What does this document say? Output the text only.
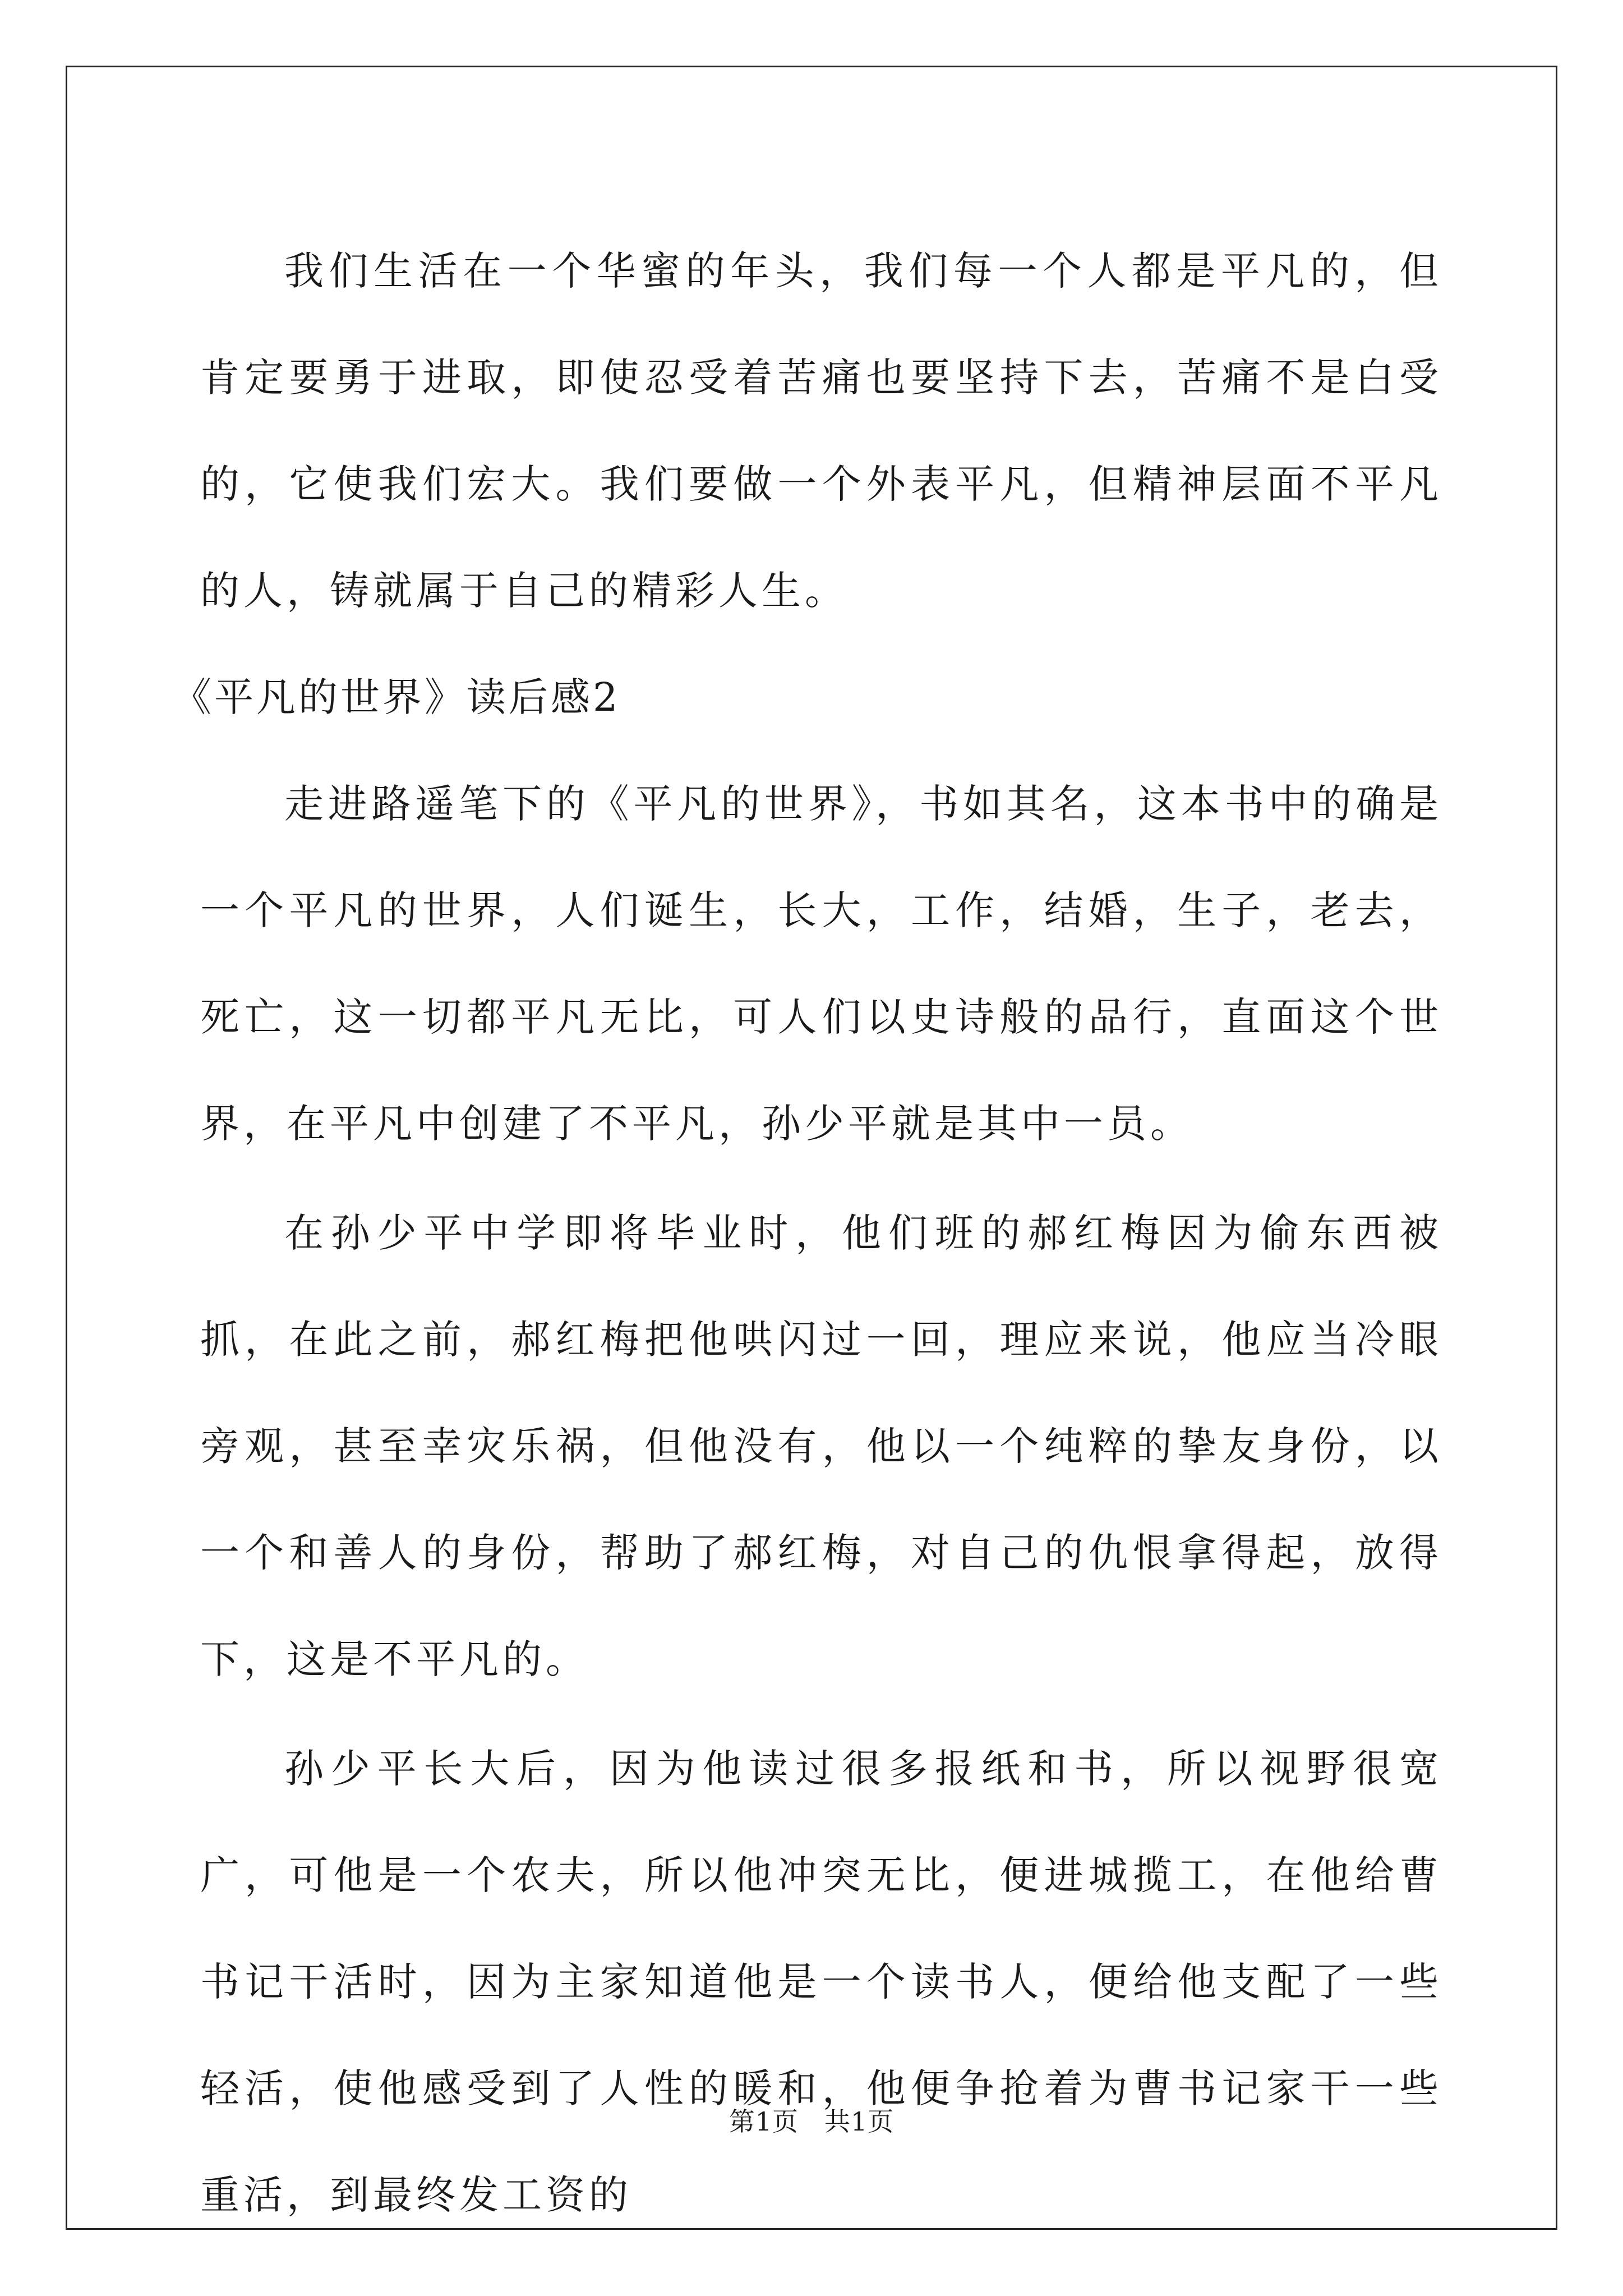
我们生活在一个华蜜的年头，我们每一个人都是平凡的，但肯定要勇于进取，即使忍受着苦痛也要坚持下去，苦痛不是白受的，它使我们宏大。我们要做一个外表平凡，但精神层面不平凡的人，铸就属于自己的精彩人生。

《平凡的世界》读后感2

走进路遥笔下的《平凡的世界》，书如其名，这本书中的确是一个平凡的世界，人们诞生，长大，工作，结婚，生子，老去，死亡，这一切都平凡无比，可人们以史诗般的品行，直面这个世界，在平凡中创建了不平凡，孙少平就是其中一员。

在孙少平中学即将毕业时，他们班的郝红梅因为偷东西被抓，在此之前，郝红梅把他哄闪过一回，理应来说，他应当冷眼旁观，甚至幸灾乐祸，但他没有，他以一个纯粹的挚友身份，以一个和善人的身份，帮助了郝红梅，对自己的仇恨拿得起，放得下，这是不平凡的。

孙少平长大后，因为他读过很多报纸和书，所以视野很宽广，可他是一个农夫，所以他冲突无比，便进城揽工，在他给曹书记干活时，因为主家知道他是一个读书人，便给他支配了一些轻活，使他感受到了人性的暖和，他便争抢着为曹书记家干一些重活，到最终发工资的

第1页 共1页
